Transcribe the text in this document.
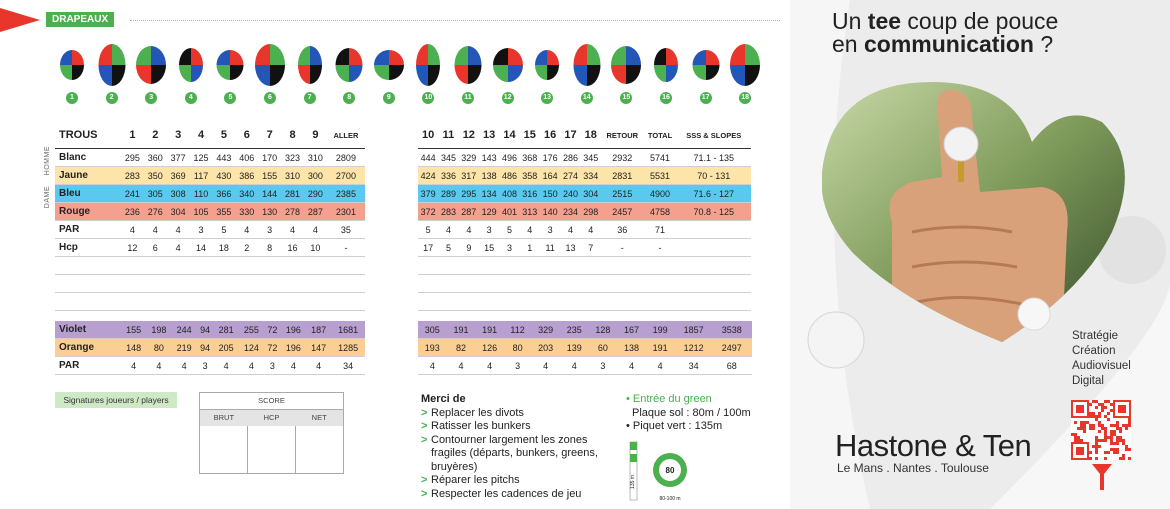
DRAPEAUX
1	2	3	4	5	6	7	8	9	10	11	12	13	14	15	16	17	18
HOMME
DAME
TROUS	1	2	3	4	5	6	7	8	9	ALLER
Blanc	295	360	377	125	443	406	170	323	310	2809
Jaune	283	350	369	117	430	386	155	310	300	2700
Bleu	241	305	308	110	366	340	144	281	290	2385
Rouge	236	276	304	105	355	330	130	278	287	2301
PAR	4	4	4	3	5	4	3	4	4	35
Hcp	12	6	4	14	18	2	8	16	10	-

10	11	12	13	14	15	16	17	18	RETOUR	TOTAL	SSS & SLOPES
444	345	329	143	496	368	176	286	345	2932	5741	71.1 - 135
424	336	317	138	486	358	164	274	334	2831	5531	70 - 131
379	289	295	134	408	316	150	240	304	2515	4900	71.6 - 127
372	283	287	129	401	313	140	234	298	2457	4758	70.8 - 125
5	4	4	3	5	4	3	4	4	36	71	
17	5	9	15	3	1	11	13	7	-	-	

Violet	155	198	244	94	281	255	72	196	187	1681
Orange	148	80	219	94	205	124	72	196	147	1285
PAR	4	4	4	3	4	4	3	4	4	34
305	191	191	112	329	235	128	167	199	1857	3538	
193	82	126	80	203	139	60	138	191	1212	2497	
4	4	4	3	4	4	3	4	4	34	68	
Signatures joueurs / players	SCORE
BRUT	HCP	NET
Merci de
> Replacer les divots
> Ratisser les bunkers
> Contourner largement les zones fragiles (départs, bunkers, greens, bruyères)
> Réparer les pitchs
> Respecter les cadences de jeu
• Entrée du green
Plaque sol : 80m / 100m
• Piquet vert : 135m
135 m
80
80-100 m
Un tee coup de pouce
en communication ?
Stratégie
Création
Audiovisuel
Digital
Hastone & Ten
Le Mans . Nantes . Toulouse
